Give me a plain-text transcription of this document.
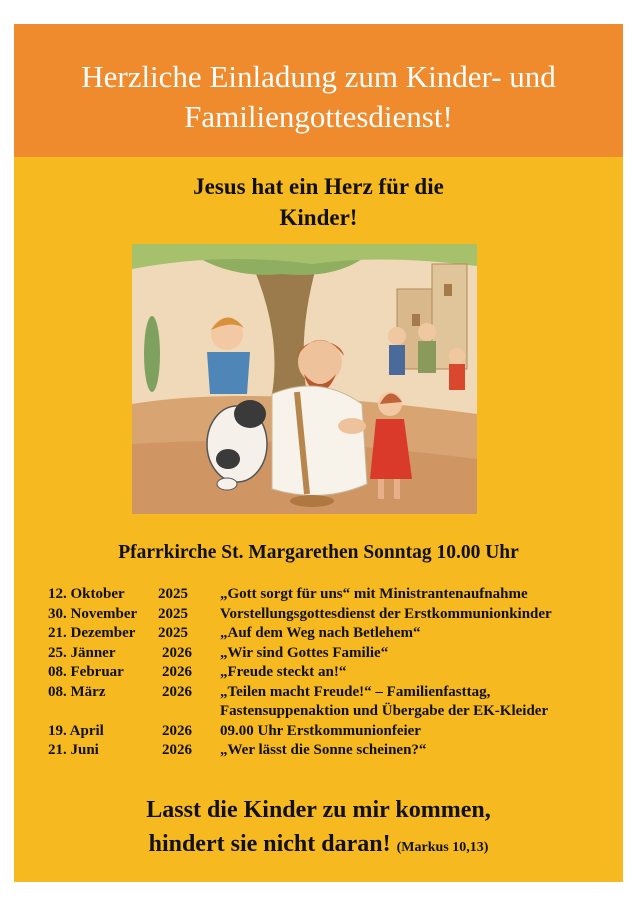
Herzliche Einladung zum Kinder- und
Familiengottesdienst!
Jesus hat ein Herz für die
Kinder!
Pfarrkirche St. Margarethen Sonntag 10.00 Uhr
12. Oktober 2025 „Gott sorgt für uns“ mit Ministrantenaufnahme
30. November 2025 Vorstellungsgottesdienst der Erstkommunionkinder
21. Dezember 2025 „Auf dem Weg nach Betlehem“
25. Jänner	2026 „Wir sind Gottes Familie“
08. Februar	2026 „Freude steckt an!“
08. März	2026 „Teilen macht Freude!“ – Familienfasttag,
Fastensuppenaktion und Übergabe der EK-Kleider
19. April	2026 09.00 Uhr Erstkommunionfeier
21. Juni	2026 „Wer lässt die Sonne scheinen?“
Lasst die Kinder zu mir kommen,
hindert sie nicht daran! (Markus 10,13)
